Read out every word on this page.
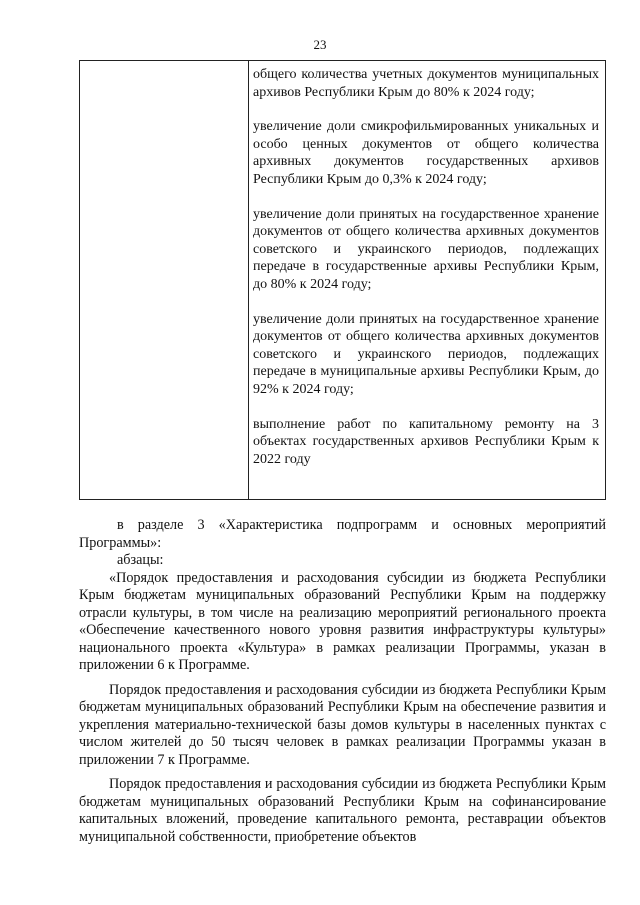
23

общего количества учетных документов муниципальных архивов Республики Крым до 80% к 2024 году;

увеличение доли смикрофильмированных уникальных и особо ценных документов от общего количества архивных документов государственных архивов Республики Крым до 0,3% к 2024 году;

увеличение доли принятых на государственное хранение документов от общего количества архивных документов советского и украинского периодов, подлежащих передаче в государственные архивы Республики Крым, до 80% к 2024 году;

увеличение доли принятых на государственное хранение документов от общего количества архивных документов советского и украинского периодов, подлежащих передаче в муниципальные архивы Республики Крым, до 92% к 2024 году;

выполнение работ по капитальному ремонту на 3 объектах государственных архивов Республики Крым к 2022 году

в разделе 3 «Характеристика подпрограмм и основных мероприятий Программы»:

абзацы:

«Порядок предоставления и расходования субсидии из бюджета Республики Крым бюджетам муниципальных образований Республики Крым на поддержку отрасли культуры, в том числе на реализацию мероприятий регионального проекта «Обеспечение качественного нового уровня развития инфраструктуры культуры» национального проекта «Культура» в рамках реализации Программы, указан в приложении 6 к Программе.

Порядок предоставления и расходования субсидии из бюджета Республики Крым бюджетам муниципальных образований Республики Крым на обеспечение развития и укрепления материально-технической базы домов культуры в населенных пунктах с числом жителей до 50 тысяч человек в рамках реализации Программы указан в приложении 7 к Программе.

Порядок предоставления и расходования субсидии из бюджета Республики Крым бюджетам муниципальных образований Республики Крым на софинансирование капитальных вложений, проведение капитального ремонта, реставрации объектов муниципальной собственности, приобретение объектов
